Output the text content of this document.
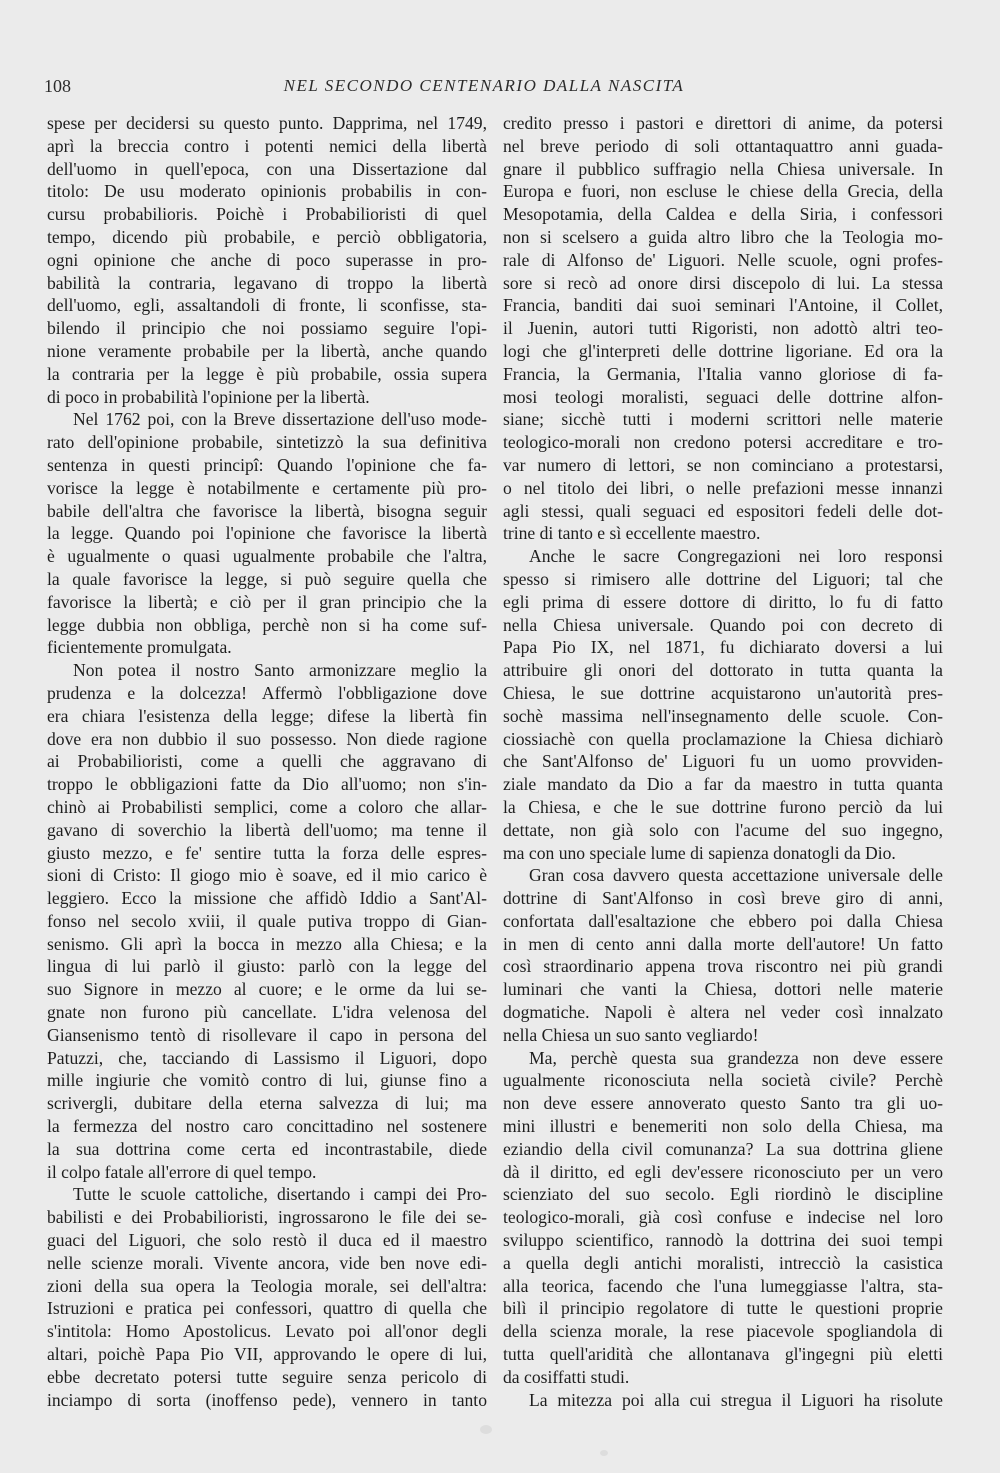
108	NEL SECONDO CENTENARIO DALLA NASCITA
spese per decidersi su questo punto. Dapprima, nel 1749,
aprì la breccia contro i potenti nemici della libertà
dell'uomo in quell'epoca, con una Dissertazione dal
titolo: De usu moderato opinionis probabilis in con-
cursu probabilioris. Poichè i Probabilioristi di quel
tempo, dicendo più probabile, e perciò obbligatoria,
ogni opinione che anche di poco superasse in pro-
babilità la contraria, legavano di troppo la libertà
dell'uomo, egli, assaltandoli di fronte, li sconfisse, sta-
bilendo il principio che noi possiamo seguire l'opi-
nione veramente probabile per la libertà, anche quando
la contraria per la legge è più probabile, ossia supera
di poco in probabilità l'opinione per la libertà.
Nel 1762 poi, con la Breve dissertazione dell'uso mode-
rato dell'opinione probabile, sintetizzò la sua definitiva
sentenza in questi principî: Quando l'opinione che fa-
vorisce la legge è notabilmente e certamente più pro-
babile dell'altra che favorisce la libertà, bisogna seguir
la legge. Quando poi l'opinione che favorisce la libertà
è ugualmente o quasi ugualmente probabile che l'altra,
la quale favorisce la legge, si può seguire quella che
favorisce la libertà; e ciò per il gran principio che la
legge dubbia non obbliga, perchè non si ha come suf-
ficientemente promulgata.
Non potea il nostro Santo armonizzare meglio la
prudenza e la dolcezza! Affermò l'obbligazione dove
era chiara l'esistenza della legge; difese la libertà fin
dove era non dubbio il suo possesso. Non diede ragione
ai Probabilioristi, come a quelli che aggravano di
troppo le obbligazioni fatte da Dio all'uomo; non s'in-
chinò ai Probabilisti semplici, come a coloro che allar-
gavano di soverchio la libertà dell'uomo; ma tenne il
giusto mezzo, e fe' sentire tutta la forza delle espres-
sioni di Cristo: Il giogo mio è soave, ed il mio carico è
leggiero. Ecco la missione che affidò Iddio a Sant'Al-
fonso nel secolo xviii, il quale putiva troppo di Gian-
senismo. Gli aprì la bocca in mezzo alla Chiesa; e la
lingua di lui parlò il giusto: parlò con la legge del
suo Signore in mezzo al cuore; e le orme da lui se-
gnate non furono più cancellate. L'idra velenosa del
Giansenismo tentò di risollevare il capo in persona del
Patuzzi, che, tacciando di Lassismo il Liguori, dopo
mille ingiurie che vomitò contro di lui, giunse fino a
scrivergli, dubitare della eterna salvezza di lui; ma
la fermezza del nostro caro concittadino nel sostenere
la sua dottrina come certa ed incontrastabile, diede
il colpo fatale all'errore di quel tempo.
Tutte le scuole cattoliche, disertando i campi dei Pro-
babilisti e dei Probabilioristi, ingrossarono le file dei se-
guaci del Liguori, che solo restò il duca ed il maestro
nelle scienze morali. Vivente ancora, vide ben nove edi-
zioni della sua opera la Teologia morale, sei dell'altra:
Istruzioni e pratica pei confessori, quattro di quella che
s'intitola: Homo Apostolicus. Levato poi all'onor degli
altari, poichè Papa Pio VII, approvando le opere di lui,
ebbe decretato potersi tutte seguire senza pericolo di
inciampo di sorta (inoffenso pede), vennero in tanto
credito presso i pastori e direttori di anime, da potersi
nel breve periodo di soli ottantaquattro anni guada-
gnare il pubblico suffragio nella Chiesa universale. In
Europa e fuori, non escluse le chiese della Grecia, della
Mesopotamia, della Caldea e della Siria, i confessori
non si scelsero a guida altro libro che la Teologia mo-
rale di Alfonso de' Liguori. Nelle scuole, ogni profes-
sore si recò ad onore dirsi discepolo di lui. La stessa
Francia, banditi dai suoi seminari l'Antoine, il Collet,
il Juenin, autori tutti Rigoristi, non adottò altri teo-
logi che gl'interpreti delle dottrine ligoriane. Ed ora la
Francia, la Germania, l'Italia vanno gloriose di fa-
mosi teologi moralisti, seguaci delle dottrine alfon-
siane; sicchè tutti i moderni scrittori nelle materie
teologico-morali non credono potersi accreditare e tro-
var numero di lettori, se non cominciano a protestarsi,
o nel titolo dei libri, o nelle prefazioni messe innanzi
agli stessi, quali seguaci ed espositori fedeli delle dot-
trine di tanto e sì eccellente maestro.
Anche le sacre Congregazioni nei loro responsi
spesso si rimisero alle dottrine del Liguori; tal che
egli prima di essere dottore di diritto, lo fu di fatto
nella Chiesa universale. Quando poi con decreto di
Papa Pio IX, nel 1871, fu dichiarato doversi a lui
attribuire gli onori del dottorato in tutta quanta la
Chiesa, le sue dottrine acquistarono un'autorità pres-
sochè massima nell'insegnamento delle scuole. Con-
ciossiachè con quella proclamazione la Chiesa dichiarò
che Sant'Alfonso de' Liguori fu un uomo provviden-
ziale mandato da Dio a far da maestro in tutta quanta
la Chiesa, e che le sue dottrine furono perciò da lui
dettate, non già solo con l'acume del suo ingegno,
ma con uno speciale lume di sapienza donatogli da Dio.
Gran cosa davvero questa accettazione universale delle
dottrine di Sant'Alfonso in così breve giro di anni,
confortata dall'esaltazione che ebbero poi dalla Chiesa
in men di cento anni dalla morte dell'autore! Un fatto
così straordinario appena trova riscontro nei più grandi
luminari che vanti la Chiesa, dottori nelle materie
dogmatiche. Napoli è altera nel veder così innalzato
nella Chiesa un suo santo vegliardo!
Ma, perchè questa sua grandezza non deve essere
ugualmente riconosciuta nella società civile? Perchè
non deve essere annoverato questo Santo tra gli uo-
mini illustri e benemeriti non solo della Chiesa, ma
eziandio della civil comunanza? La sua dottrina gliene
dà il diritto, ed egli dev'essere riconosciuto per un vero
scienziato del suo secolo. Egli riordinò le discipline
teologico-morali, già così confuse e indecise nel loro
sviluppo scientifico, rannodò la dottrina dei suoi tempi
a quella degli antichi moralisti, intrecciò la casistica
alla teorica, facendo che l'una lumeggiasse l'altra, sta-
bilì il principio regolatore di tutte le questioni proprie
della scienza morale, la rese piacevole spogliandola di
tutta quell'aridità che allontanava gl'ingegni più eletti
da cosiffatti studi.
La mitezza poi alla cui stregua il Liguori ha risolute
